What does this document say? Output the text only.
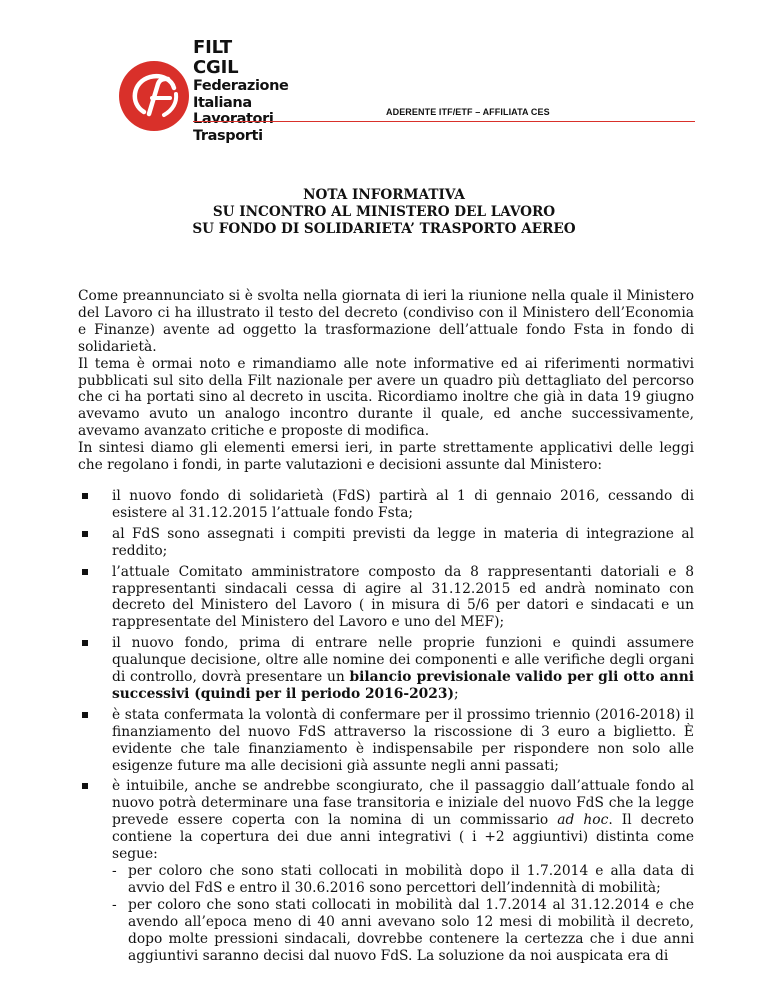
FILT CGIL
Federazione
Italiana
Lavoratori
Trasporti
ADERENTE ITF/ETF – AFFILIATA CES
NOTA INFORMATIVA
SU INCONTRO AL MINISTERO DEL LAVORO
SU FONDO DI SOLIDARIETA’ TRASPORTO AEREO

Come preannunciato si è svolta nella giornata di ieri la riunione nella quale il Ministero del Lavoro ci ha illustrato il testo del decreto (condiviso con il Ministero dell’Economia e Finanze) avente ad oggetto la trasformazione dell’attuale fondo Fsta in fondo di solidarietà.

Il tema è ormai noto e rimandiamo alle note informative ed ai riferimenti normativi pubblicati sul sito della Filt nazionale per avere un quadro più dettagliato del percorso che ci ha portati sino al decreto in uscita. Ricordiamo inoltre che già in data 19 giugno avevamo avuto un analogo incontro durante il quale, ed anche successivamente, avevamo avanzato critiche e proposte di modifica.

In sintesi diamo gli elementi emersi ieri, in parte strettamente applicativi delle leggi che regolano i fondi, in parte valutazioni e decisioni assunte dal Ministero:

il nuovo fondo di solidarietà (FdS) partirà al 1 di gennaio 2016, cessando di esistere al 31.12.2015 l’attuale fondo Fsta;
al FdS sono assegnati i compiti previsti da legge in materia di integrazione al reddito;
l’attuale Comitato amministratore composto da 8 rappresentanti datoriali e 8 rappresentanti sindacali cessa di agire al 31.12.2015 ed andrà nominato con decreto del Ministero del Lavoro ( in misura di 5/6 per datori e sindacati e un rappresentate del Ministero del Lavoro e uno del MEF);
il nuovo fondo, prima di entrare nelle proprie funzioni e quindi assumere qualunque decisione, oltre alle nomine dei componenti e alle verifiche degli organi di controllo, dovrà presentare un bilancio previsionale valido per gli otto anni successivi (quindi per il periodo 2016-2023);
è stata confermata la volontà di confermare per il prossimo triennio (2016-2018) il finanziamento del nuovo FdS attraverso la riscossione di 3 euro a biglietto. È evidente che tale finanziamento è indispensabile per rispondere non solo alle esigenze future ma alle decisioni già assunte negli anni passati;
è intuibile, anche se andrebbe scongiurato, che il passaggio dall’attuale fondo al nuovo potrà determinare una fase transitoria e iniziale del nuovo FdS che la legge prevede essere coperta con la nomina di un commissario ad hoc. Il decreto contiene la copertura dei due anni integrativi ( i +2 aggiuntivi) distinta come segue:
- per coloro che sono stati collocati in mobilità dopo il 1.7.2014 e alla data di avvio del FdS e entro il 30.6.2016 sono percettori dell’indennità di mobilità;
- per coloro che sono stati collocati in mobilità dal 1.7.2014 al 31.12.2014 e che avendo all’epoca meno di 40 anni avevano solo 12 mesi di mobilità il decreto, dopo molte pressioni sindacali, dovrebbe contenere la certezza che i due anni aggiuntivi saranno decisi dal nuovo FdS. La soluzione da noi auspicata era di
